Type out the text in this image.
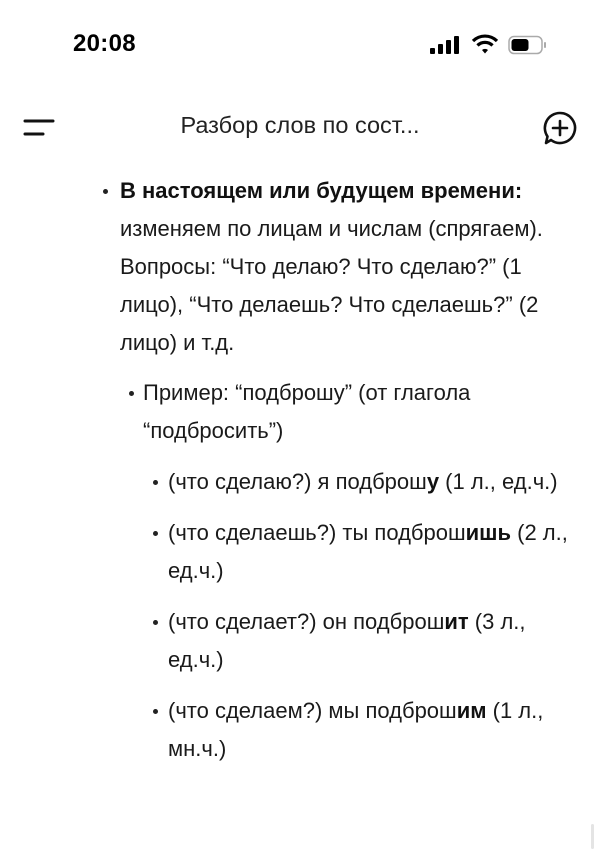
20:08
Разбор слов по сост...
В настоящем или будущем времени: изменяем по лицам и числам (спрягаем). Вопросы: “Что делаю? Что сделаю?” (1 лицо), “Что делаешь? Что сделаешь?” (2 лицо) и т.д.
Пример: “подброшу” (от глагола “подбросить”)
(что сделаю?) я подброшу (1 л., ед.ч.)
(что сделаешь?) ты подброшишь (2 л., ед.ч.)
(что сделает?) он подброшит (3 л., ед.ч.)
(что сделаем?) мы подброшим (1 л., мн.ч.)
